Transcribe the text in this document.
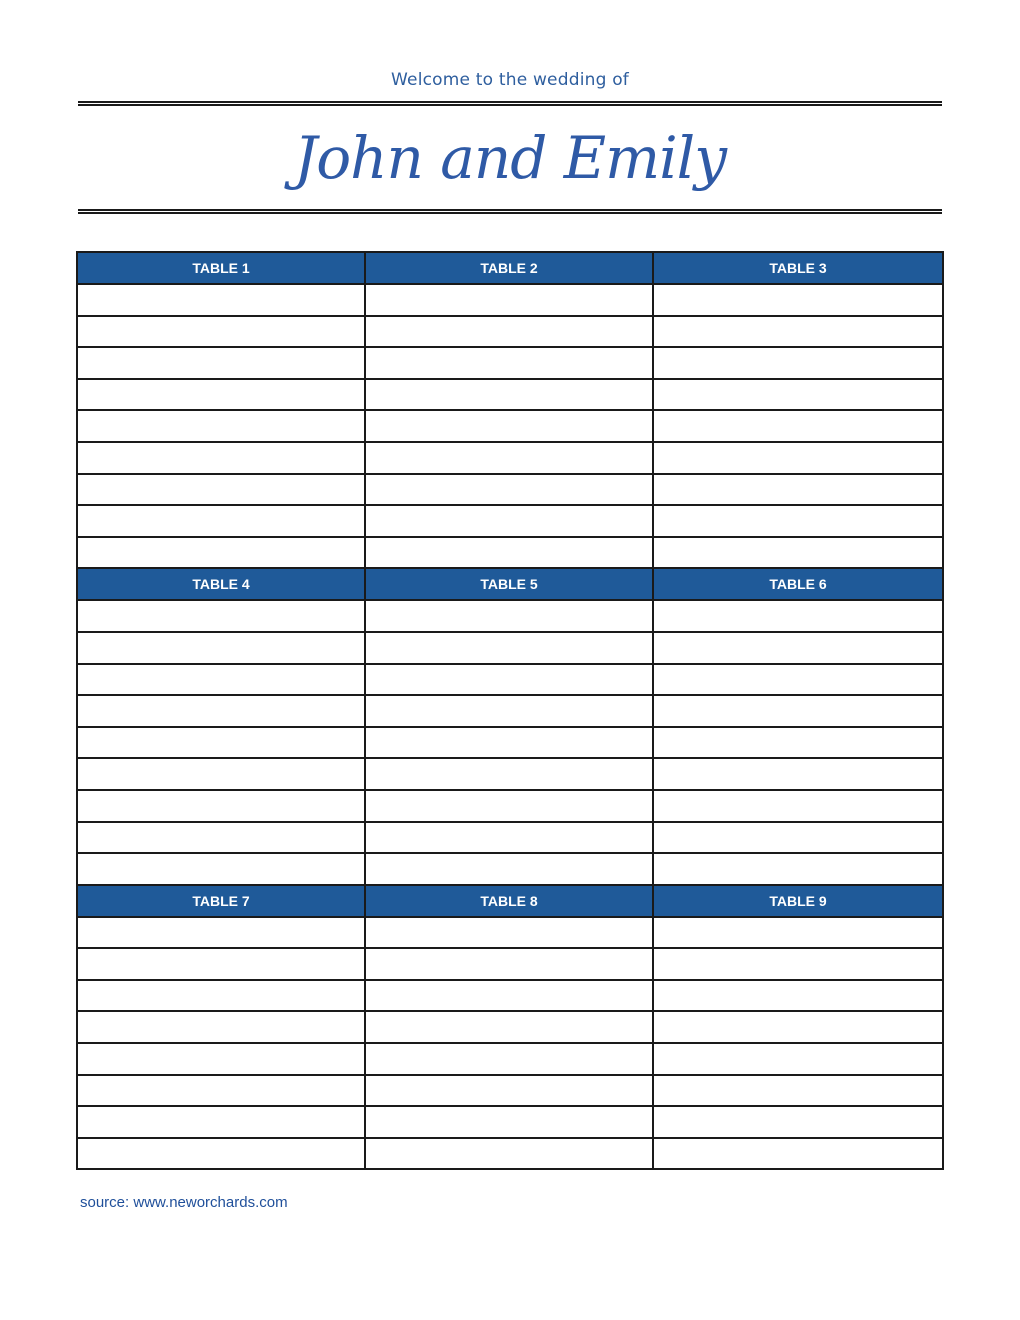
Welcome to the wedding of
John and Emily
TABLE 1	TABLE 2	TABLE 3

TABLE 4	TABLE 5	TABLE 6

TABLE 7	TABLE 8	TABLE 9

source: www.neworchards.com
